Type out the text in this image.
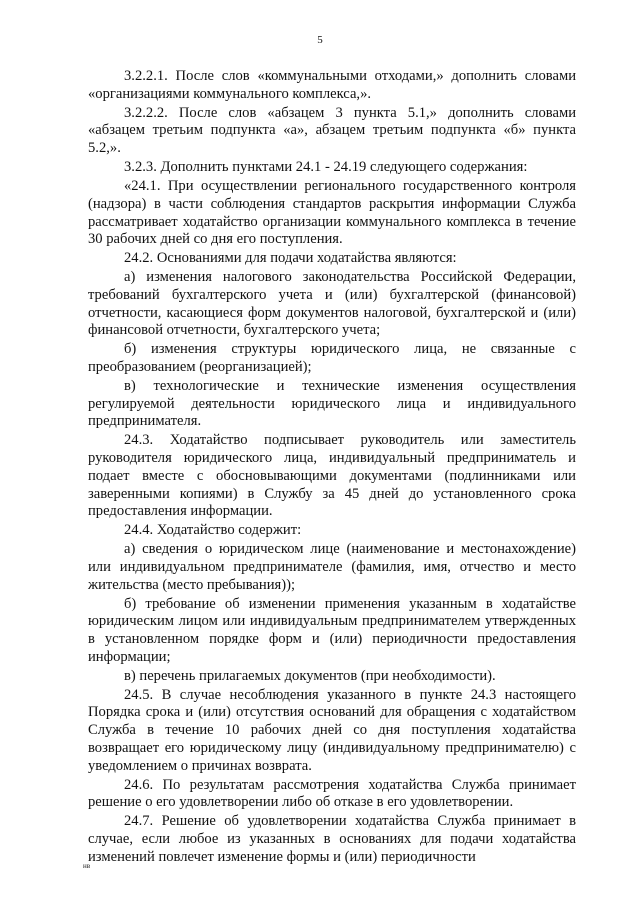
5

3.2.2.1. После слов «коммунальными отходами,» дополнить словами «организациями коммунального комплекса,».

3.2.2.2. После слов «абзацем 3 пункта 5.1,» дополнить словами «абзацем третьим подпункта «а», абзацем третьим подпункта «б» пункта 5.2,».

3.2.3. Дополнить пунктами 24.1 - 24.19 следующего содержания:

«24.1. При осуществлении регионального государственного контроля (надзора) в части соблюдения стандартов раскрытия информации Служба рассматривает ходатайство организации коммунального комплекса в течение 30 рабочих дней со дня его поступления.

24.2. Основаниями для подачи ходатайства являются:

а) изменения налогового законодательства Российской Федерации, требований бухгалтерского учета и (или) бухгалтерской (финансовой) отчетности, касающиеся форм документов налоговой, бухгалтерской и (или) финансовой отчетности, бухгалтерского учета;

б) изменения структуры юридического лица, не связанные с преобразованием (реорганизацией);

в) технологические и технические изменения осуществления регулируемой деятельности юридического лица и индивидуального предпринимателя.

24.3. Ходатайство подписывает руководитель или заместитель руководителя юридического лица, индивидуальный предприниматель и подает вместе с обосновывающими документами (подлинниками или заверенными копиями) в Службу за 45 дней до установленного срока предоставления информации.

24.4. Ходатайство содержит:

а) сведения о юридическом лице (наименование и местонахождение) или индивидуальном предпринимателе (фамилия, имя, отчество и место жительства (место пребывания));

б) требование об изменении применения указанным в ходатайстве юридическим лицом или индивидуальным предпринимателем утвержденных в установленном порядке форм и (или) периодичности предоставления информации;

в) перечень прилагаемых документов (при необходимости).

24.5. В случае несоблюдения указанного в пункте 24.3 настоящего Порядка срока и (или) отсутствия оснований для обращения с ходатайством Служба в течение 10 рабочих дней со дня поступления ходатайства возвращает его юридическому лицу (индивидуальному предпринимателю) с уведомлением о причинах возврата.

24.6. По результатам рассмотрения ходатайства Служба принимает решение о его удовлетворении либо об отказе в его удовлетворении.

24.7. Решение об удовлетворении ходатайства Служба принимает в случае, если любое из указанных в основаниях для подачи ходатайства изменений повлечет изменение формы и (или) периодичности

нв
